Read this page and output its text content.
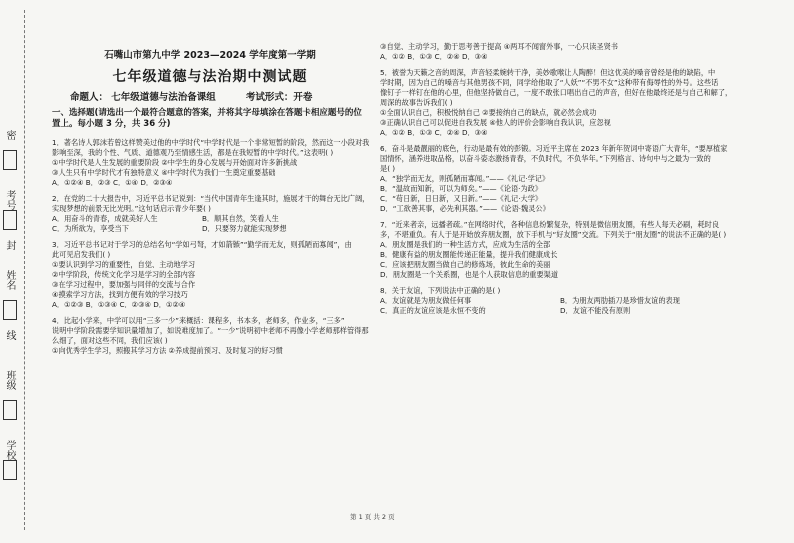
密
考号
封
姓名
线
班级
学校
石嘴山市第九中学 2023—2024 学年度第一学期
七年级道德与法治期中测试题
命题人： 七年级道德与法治备课组	考试形式：开卷
一、选择题(请选出一个最符合题意的答案，并将其字母填涂在答题卡相应题号的位置上。每小题 3 分，共 36 分)

1．著名诗人郭沫若曾这样赞美过他的中学时代“中学时代是一个非常短暂的阶段，然而这一小段对我

影响至深，我的个性、气质、道德观乃至情感生活，都是在我短暂的中学时代。”这表明( )

①中学时代是人生发展的重要阶段 ②中学生的身心发展与开始面对许多新挑战

③人生只有中学时代才有独特意义 ④中学时代为我们一生奠定重要基础

A．①②④ B．②③ C．①④ D．②③④

2．在党的二十大报告中，习近平总书记说到：“当代中国青年生逢其时，施展才干的舞台无比广阔，

实现梦想的前景无比光明。”这句话启示青少年要( )

A．用奋斗的青春，成就美好人生	B．顺其自然，笑看人生

C．为所欲为，享受当下	D．只要努力就能实现梦想

3．习近平总书记对于学习的总结名句“学如弓弩，才如箭镞”“勤学而无友，则孤陋而寡闻”，由

此可见启发我们( )

①要认识到学习的重要性，自觉、主动地学习

②中学阶段，传统文化学习是学习的全部内容

③在学习过程中，要加强与同伴的交流与合作

④摸索学习方法，找到方便有效的学习技巧

A．①②③ B．①③④ C．②③④ D．①②④

4．比起小学来，中学可以用“三多一少”来概括：课程多，书本多，老师多，作业多，“三多”

说明中学阶段需要学知识量增加了，如说难度加了。“一少”说明初中老师不再像小学老师那样管得那

么细了，面对这些不同，我们应该( )

①向优秀学生学习，照搬其学习方法 ②养成提前预习、及时复习的好习惯

③自觉、主动学习，勤于思考善于提高 ④两耳不闻窗外事，一心只读圣贤书

A．①② B．①③ C．②④ D．③④

5．被誉为天籁之音的周深，声音轻柔婉转干净，美妙歌喉让人陶醉！但这优美的嗓音曾经是他的缺陷，中

学时期，因为自己的嗓音与其他男孩不同，同学给他取了“人妖”“不男不女”这种带有侮辱性的外号。这些话

像钉子一样钉在他的心里，但他坚持做自己，一度不敢张口唱出自己的声音，但好在他最终还是与自己和解了，

周深的故事告诉我们( )

①全面认识自己，积极悦纳自己 ②要接纳自己的缺点，就必然会成功

③正确认识自己可以促进自我发展 ④他人的评价会影响自我认识，应忽视

A．①② B．①③ C．②④ D．③④

6．奋斗是最靓丽的底色，行动是最有效的彭锻。习近平主席在 2023 年新年贺词中寄语广大青年，“要厚植家

国情怀，涵养进取品格，以奋斗姿态激扬青春，不负时代，不负华年。”下列格言、诗句中与之最为一致的

是( )

A．“独学而无友，则孤陋而寡闻。”——《礼记·学记》

B．“温故而知新，可以为师矣。”——《论语·为政》

C．“苟日新，日日新，又日新。”——《礼记·大学》

D．“工欲善其事，必先利其器。”——《论语·魏灵公》

7．“近来者亲，远播者疏。”在网络时代，各种信息纷繁复杂，特别是微信朋友圈，有些人每天必刷，耗时良

多，不堪重负。有人于是开始放弃朋友圈，放下手机与“好友圈”交流。下列关于“朋友圈”的说法不正确的是( )

A．朋友圈是我们的一种生活方式，应成为生活的全部

B．健康有益的朋友圈能传递正能量，提升我们健康成长

C．应该把朋友圈当做自己的修炼场，彼此生命的美丽

D．朋友圈是一个关系圈，也是个人获取信息的重要渠道

8．关于友谊，下列说法中正确的是( )

A．友谊就是为朋友做任何事	B．为朋友两肋插刀是珍惜友谊的表现

C．真正的友谊应该是永恒不变的	D．友谊不能没有原则

第 1 页 共 2 页
